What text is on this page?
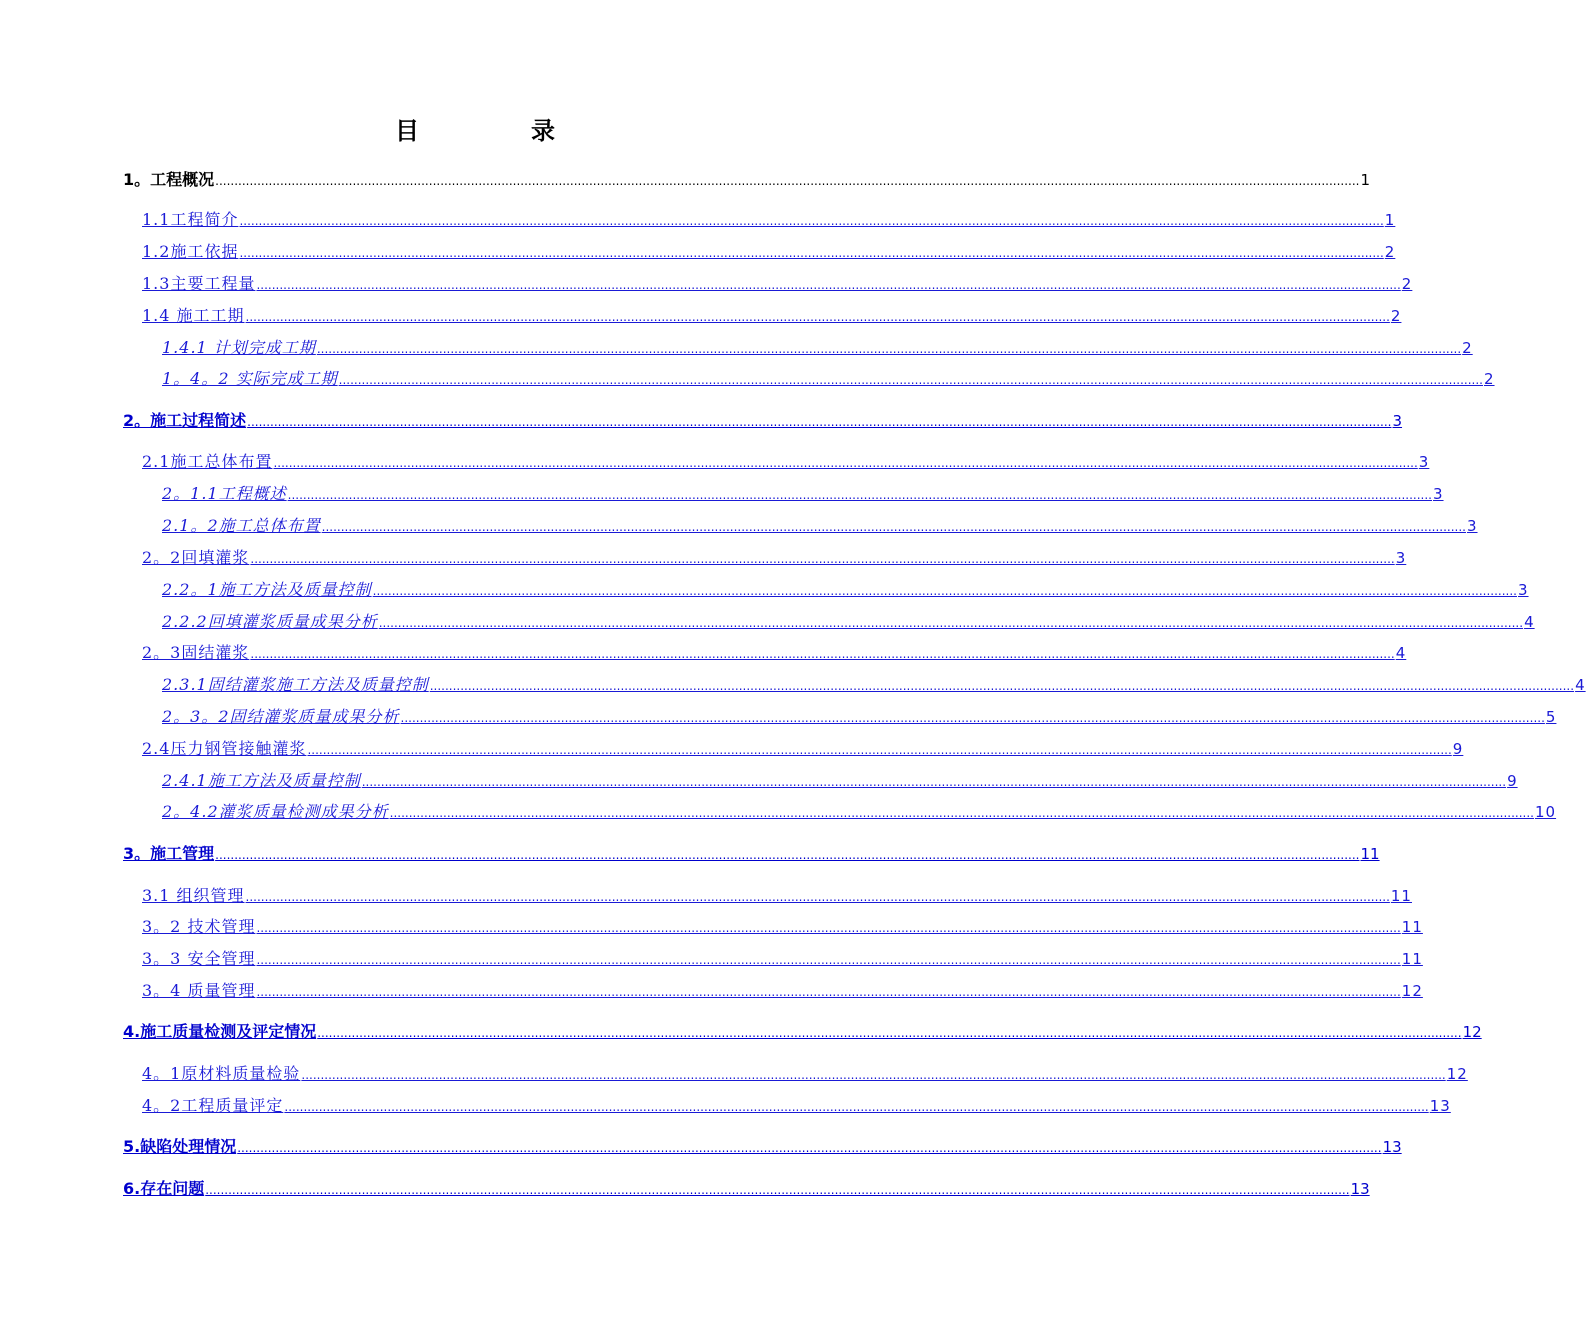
目　录
1。工程概况 ............................................................................................................................................................................................................................................................................................................ 1
1.1工程简介 ............................................................................................................................................................................................................................................................................................................ 1
1.2施工依据 ............................................................................................................................................................................................................................................................................................................ 2
1.3主要工程量 ............................................................................................................................................................................................................................................................................................................ 2
1.4 施工工期 ............................................................................................................................................................................................................................................................................................................ 2
1.4.1 计划完成工期 ............................................................................................................................................................................................................................................................................................................ 2
1。4。2 实际完成工期 ............................................................................................................................................................................................................................................................................................................ 2
2。施工过程简述 ............................................................................................................................................................................................................................................................................................................ 3
2.1施工总体布置 ............................................................................................................................................................................................................................................................................................................ 3
2。1.1工程概述 ............................................................................................................................................................................................................................................................................................................ 3
2.1。2施工总体布置 ............................................................................................................................................................................................................................................................................................................ 3
2。2回填灌浆 ............................................................................................................................................................................................................................................................................................................ 3
2.2。1施工方法及质量控制 ............................................................................................................................................................................................................................................................................................................ 3
2.2.2回填灌浆质量成果分析 ............................................................................................................................................................................................................................................................................................................ 4
2。3固结灌浆 ............................................................................................................................................................................................................................................................................................................ 4
2.3.1固结灌浆施工方法及质量控制 ............................................................................................................................................................................................................................................................................................................ 4
2。3。2固结灌浆质量成果分析 ............................................................................................................................................................................................................................................................................................................ 5
2.4压力钢管接触灌浆 ............................................................................................................................................................................................................................................................................................................ 9
2.4.1施工方法及质量控制 ............................................................................................................................................................................................................................................................................................................ 9
2。4.2灌浆质量检测成果分析 ............................................................................................................................................................................................................................................................................................................ 10
3。施工管理 ............................................................................................................................................................................................................................................................................................................ 11
3.1 组织管理 ............................................................................................................................................................................................................................................................................................................ 11
3。2 技术管理 ............................................................................................................................................................................................................................................................................................................ 11
3。3 安全管理 ............................................................................................................................................................................................................................................................................................................ 11
3。4 质量管理 ............................................................................................................................................................................................................................................................................................................ 12
4.施工质量检测及评定情况 ............................................................................................................................................................................................................................................................................................................ 12
4。1原材料质量检验 ............................................................................................................................................................................................................................................................................................................ 12
4。2工程质量评定 ............................................................................................................................................................................................................................................................................................................ 13
5.缺陷处理情况 ............................................................................................................................................................................................................................................................................................................ 13
6.存在问题 ............................................................................................................................................................................................................................................................................................................ 13
